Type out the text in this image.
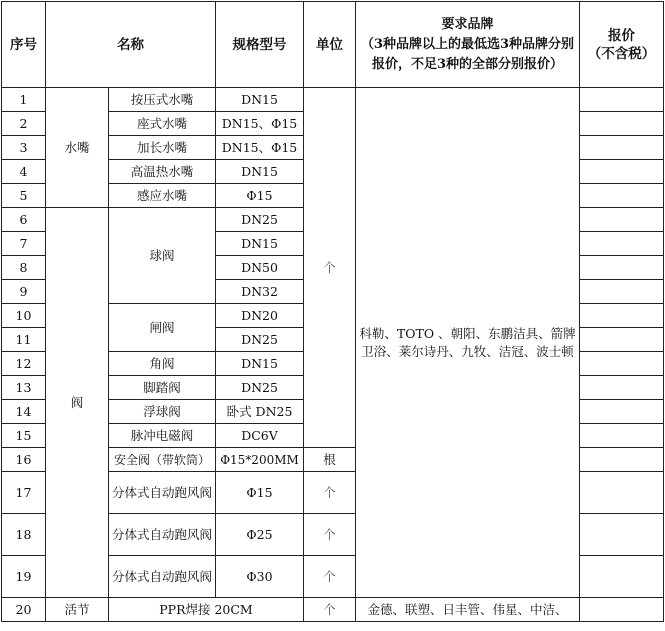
序号	名称		规格型号	单位	要求品牌
（3种品牌以上的最低选3种品牌分别报价，不足3种的全部分别报价）	报价
（不含税）
1	水嘴	按压式水嘴	DN15	个	科勒、TOTO 、朝阳、东鹏洁具、箭牌卫浴、莱尔诗丹、九牧、洁冠、波士顿	
2		座式水嘴	DN15、Φ15			
3		加长水嘴	DN15、Φ15			
4		高温热水嘴	DN15			
5		感应水嘴	Φ15			
6	阀	球阀	DN25			
7			DN15			
8			DN50			
9			DN32			
10		闸阀	DN20			
11			DN25			
12		角阀	DN15			
13		脚踏阀	DN25			
14		浮球阀	卧式 DN25			
15		脉冲电磁阀	DC6V			
16		安全阀（带软筒）	Φ15*200MM	根		
17		分体式自动跑风阀	Φ15	个		
18		分体式自动跑风阀	Φ25	个		
19		分体式自动跑风阀	Φ30	个		
20	活节	PPR焊接 20CM		个	金德、联塑、日丰管、伟星、中洁、	
